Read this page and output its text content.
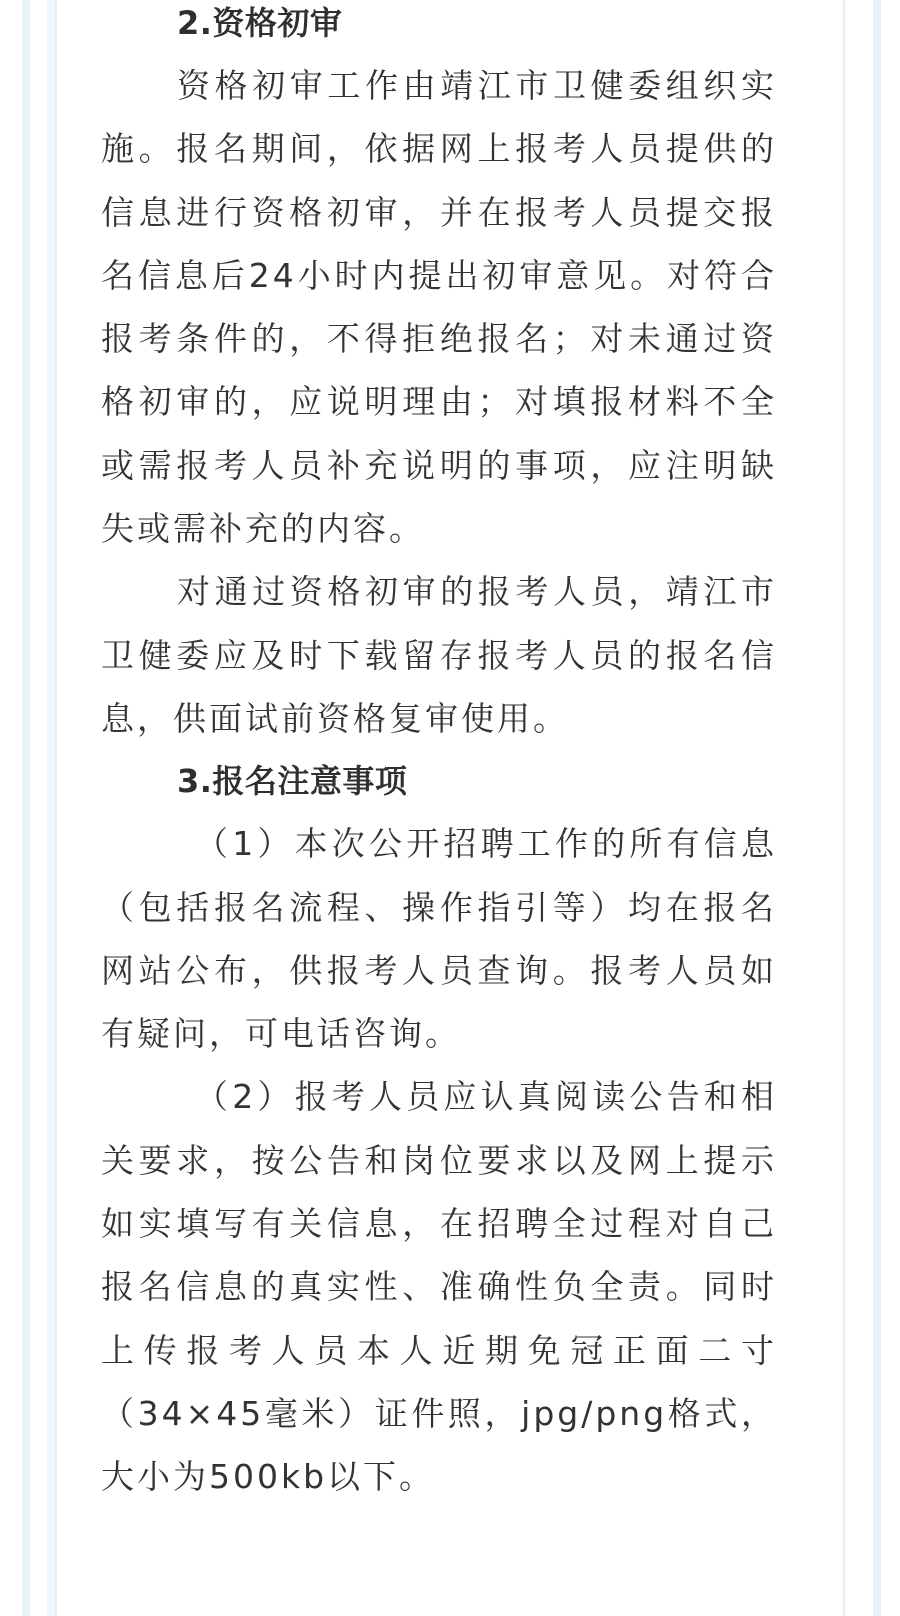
2.资格初审

资格初审工作由靖江市卫健委组织实施。报名期间，依据网上报考人员提供的信息进行资格初审，并在报考人员提交报名信息后24小时内提出初审意见。对符合报考条件的，不得拒绝报名；对未通过资格初审的，应说明理由；对填报材料不全或需报考人员补充说明的事项，应注明缺失或需补充的内容。

对通过资格初审的报考人员，靖江市卫健委应及时下载留存报考人员的报名信息，供面试前资格复审使用。

3.报名注意事项

（1）本次公开招聘工作的所有信息（包括报名流程、操作指引等）均在报名网站公布，供报考人员查询。报考人员如有疑问，可电话咨询。

（2）报考人员应认真阅读公告和相关要求，按公告和岗位要求以及网上提示如实填写有关信息，在招聘全过程对自己报名信息的真实性、准确性负全责。同时上传报考人员本人近期免冠正面二寸（34×45毫米）证件照，jpg/png格式，大小为500kb以下。
